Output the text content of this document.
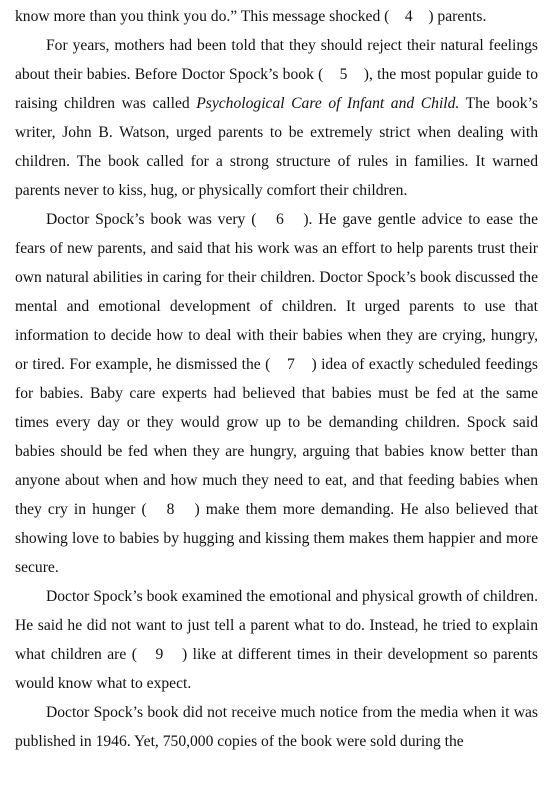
know more than you think you do.” This message shocked (　4　) parents.

For years, mothers had been told that they should reject their natural feelings about their babies. Before Doctor Spock’s book (　5　), the most popular guide to raising children was called Psychological Care of Infant and Child. The book’s writer, John B. Watson, urged parents to be extremely strict when dealing with children. The book called for a strong structure of rules in families. It warned parents never to kiss, hug, or physically comfort their children.

Doctor Spock’s book was very (　6　). He gave gentle advice to ease the fears of new parents, and said that his work was an effort to help parents trust their own natural abilities in caring for their children. Doctor Spock’s book discussed the mental and emotional development of children. It urged parents to use that information to decide how to deal with their babies when they are crying, hungry, or tired. For example, he dismissed the (　7　) idea of exactly scheduled feedings for babies. Baby care experts had believed that babies must be fed at the same times every day or they would grow up to be demanding children. Spock said babies should be fed when they are hungry, arguing that babies know better than anyone about when and how much they need to eat, and that feeding babies when they cry in hunger (　8　) make them more demanding. He also believed that showing love to babies by hugging and kissing them makes them happier and more secure.

Doctor Spock’s book examined the emotional and physical growth of children. He said he did not want to just tell a parent what to do. Instead, he tried to explain what children are (　9　) like at different times in their development so parents would know what to expect.

Doctor Spock’s book did not receive much notice from the media when it was published in 1946. Yet, 750,000 copies of the book were sold during the
